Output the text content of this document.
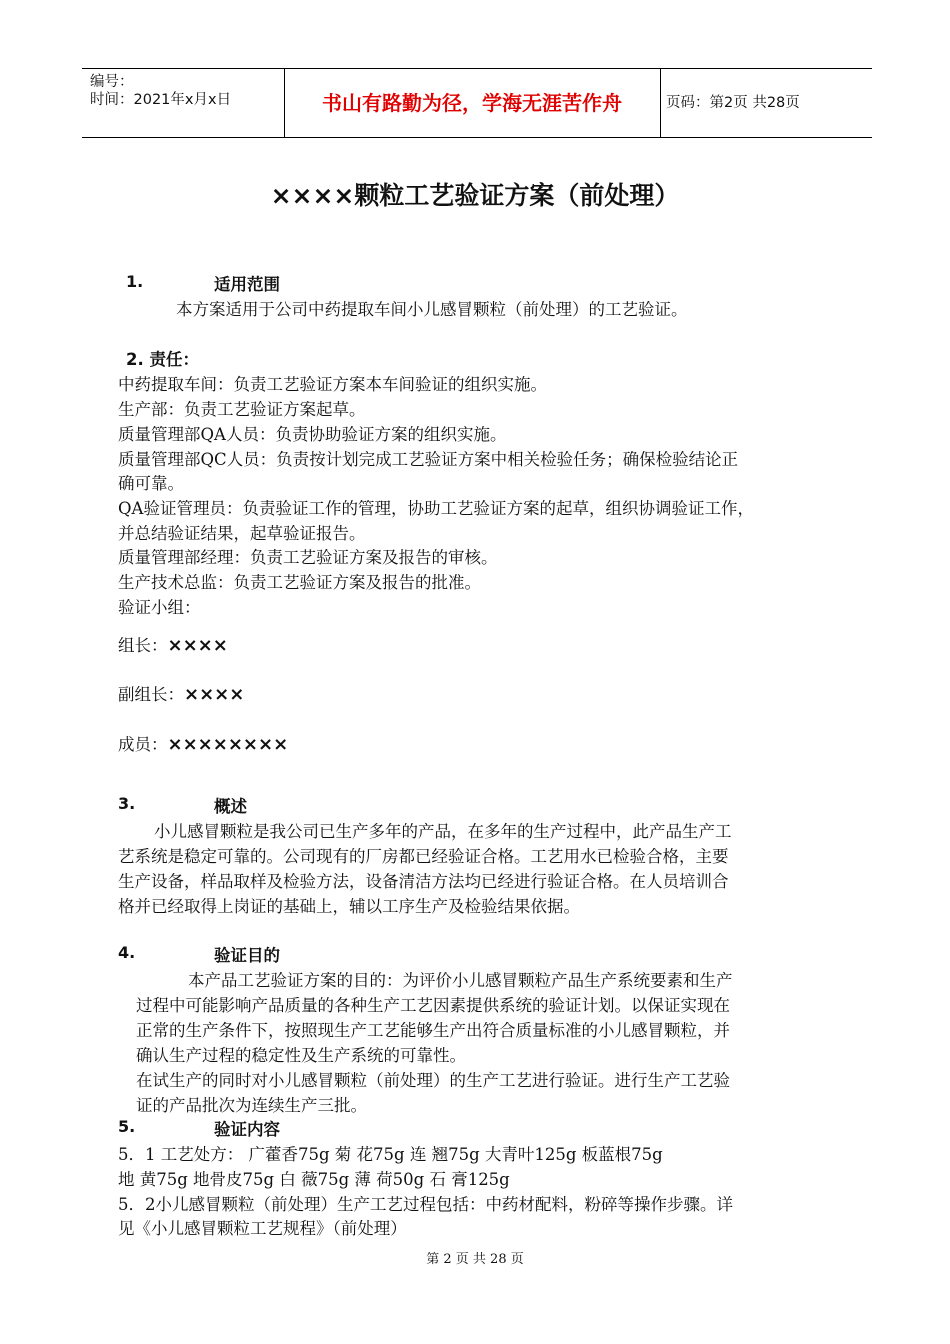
编号：
时间：2021年x月x日	书山有路勤为径，学海无涯苦作舟	页码：第2页 共28页
××××颗粒工艺验证方案（前处理）
1.	适用范围
本方案适用于公司中药提取车间小儿感冒颗粒（前处理）的工艺验证。
2. 责任：
中药提取车间：负责工艺验证方案本车间验证的组织实施。
生产部：负责工艺验证方案起草。
质量管理部QA人员：负责协助验证方案的组织实施。
质量管理部QC人员：负责按计划完成工艺验证方案中相关检验任务；确保检验结论正
确可靠。
QA验证管理员：负责验证工作的管理，协助工艺验证方案的起草，组织协调验证工作，
并总结验证结果，起草验证报告。
质量管理部经理：负责工艺验证方案及报告的审核。
生产技术总监：负责工艺验证方案及报告的批准。
验证小组：
组长：××××
副组长：××××
成员：××××××××
3.	概述
小儿感冒颗粒是我公司已生产多年的产品，在多年的生产过程中，此产品生产工
艺系统是稳定可靠的。公司现有的厂房都已经验证合格。工艺用水已检验合格，主要
生产设备，样品取样及检验方法，设备清洁方法均已经进行验证合格。在人员培训合
格并已经取得上岗证的基础上，辅以工序生产及检验结果依据。
4.	验证目的
本产品工艺验证方案的目的：为评价小儿感冒颗粒产品生产系统要素和生产
过程中可能影响产品质量的各种生产工艺因素提供系统的验证计划。以保证实现在
正常的生产条件下，按照现生产工艺能够生产出符合质量标准的小儿感冒颗粒，并
确认生产过程的稳定性及生产系统的可靠性。
在试生产的同时对小儿感冒颗粒（前处理）的生产工艺进行验证。进行生产工艺验
证的产品批次为连续生产三批。
5.	验证内容
5．1 工艺处方： 广藿香75g 菊 花75g 连 翘75g 大青叶125g 板蓝根75g
地 黄75g 地骨皮75g 白 薇75g 薄 荷50g 石 膏125g
5．2小儿感冒颗粒（前处理）生产工艺过程包括：中药材配料，粉碎等操作步骤。详
见《小儿感冒颗粒工艺规程》（前处理）
第 2 页 共 28 页
